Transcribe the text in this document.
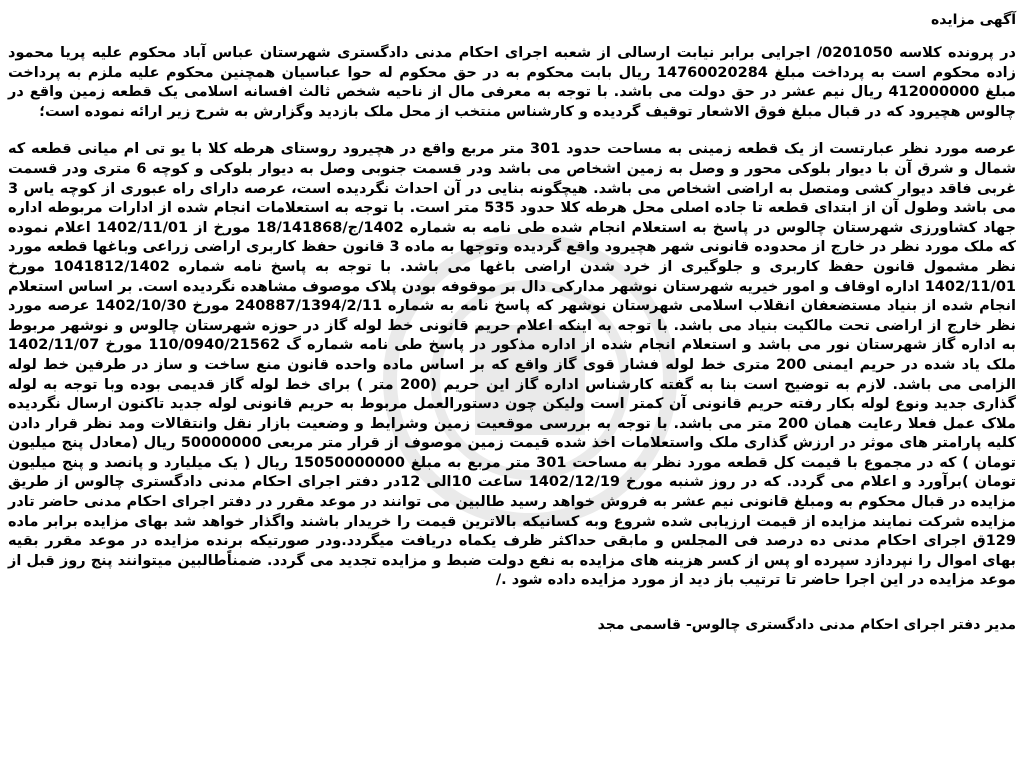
آگهی مزایده

در پرونده کلاسه 0201050/ اجرایی برابر نیابت ارسالی از شعبه اجرای احکام مدنی دادگستری شهرستان عباس آباد محکوم علیه پریا محمود زاده محکوم است به پرداخت مبلغ 14760020284 ریال بابت محکوم به در حق محکوم له حوا عباسیان همچنین محکوم علیه ملزم به پرداخت مبلغ 412000000 ریال نیم عشر در حق دولت می باشد. با توجه به معرفی مال از ناحیه شخص ثالث افسانه اسلامی یک قطعه زمین واقع در چالوس هچیرود که در قبال مبلغ فوق الاشعار توقیف گردیده و کارشناس منتخب از محل ملک بازدید وگزارش به شرح زیر ارائه نموده است؛

عرصه مورد نظر عبارتست از یک قطعه زمینی به مساحت حدود 301 متر مربع واقع در هچیرود روستای هرطه کلا با یو تی ام میانی قطعه که شمال و شرق آن با دیوار بلوکی محور و وصل به زمین اشخاص می باشد ودر قسمت جنوبی وصل به دیوار بلوکی و کوچه 6 متری ودر قسمت غربی فاقد دیوار کشی ومتصل به اراضی اشخاص می باشد. هیچگونه بنایی در آن احداث نگردیده است، عرصه دارای راه عبوری از کوچه یاس 3 می باشد وطول آن از ابتدای قطعه تا جاده اصلی محل هرطه کلا حدود 535 متر است. با توجه به استعلامات انجام شده از ادارات مربوطه اداره جهاد کشاورزی شهرستان چالوس در پاسخ به استعلام انجام شده طی نامه به شماره 1402/ج/18/141868 مورخ از 1402/11/01 اعلام نموده که ملک مورد نظر در خارج از محدوده قانونی شهر هچیرود واقع گردیده وتوجها به ماده 3 قانون حفظ کاربری اراضی زراعی وباغها قطعه مورد نظر مشمول قانون حفظ کاربری و جلوگیری از خرد شدن اراضی باغها می باشد. با توجه به پاسخ نامه شماره 1041812/1402 مورخ 1402/11/01 اداره اوقاف و امور خیریه شهرستان نوشهر مدارکی دال بر موقوفه بودن پلاک موصوف مشاهده نگردیده است. بر اساس استعلام انجام شده از بنیاد مستضعفان انقلاب اسلامی شهرستان نوشهر که پاسخ نامه به شماره 240887/1394/2/11 مورخ 1402/10/30 عرصه مورد نظر خارج از اراضی تحت مالکیت بنیاد می باشد. با توجه به اینکه اعلام حریم قانونی خط لوله گاز در حوزه شهرستان چالوس و نوشهر مربوط به اداره گاز شهرستان نور می باشد و استعلام انجام شده از اداره مذکور در پاسخ طی نامه شماره گ 110/0940/21562 مورخ 1402/11/07 ملک یاد شده در حریم ایمنی 200 متری خط لوله فشار قوی گاز واقع که بر اساس ماده واحده قانون منع ساخت و ساز در طرفین خط لوله الزامی می باشد. لازم به توضیح است بنا به گفته کارشناس اداره گاز این حریم (200 متر ) برای خط لوله گاز قدیمی بوده وبا توجه به لوله گذاری جدید ونوع لوله بکار رفته حریم قانونی آن کمتر است ولیکن چون دستورالعمل مربوط به حریم قانونی لوله جدید تاکنون ارسال نگردیده ملاک عمل فعلا رعایت همان 200 متر می باشد. با توجه به بررسی موقعیت زمین وشرایط و وضعیت بازار نقل وانتقالات ومد نظر قرار دادن کلیه پارامتر های موثر در ارزش گذاری ملک واستعلامات اخذ شده قیمت زمین موصوف از قرار متر مربعی 50000000 ریال (معادل پنج میلیون تومان ) که در مجموع با قیمت کل قطعه مورد نظر به مساحت 301 متر مربع به مبلغ 15050000000 ریال ( یک میلیارد و پانصد و پنج میلیون تومان )برآورد و اعلام می گردد. که در روز شنبه مورخ 1402/12/19 ساعت 10الی 12در دفتر اجرای احکام مدنی دادگستری چالوس از طریق مزایده در قبال محکوم به ومبلغ قانونی نیم عشر به فروش خواهد رسید طالبین می توانند در موعد مقرر در دفتر اجرای احکام مدنی حاضر تادر مزایده شرکت نمایند مزایده از قیمت ارزیابی شده شروع وبه کسانیکه بالاترین قیمت را خریدار باشند واگذار خواهد شد بهای مزایده برابر ماده 129ق اجرای احکام مدنی ده درصد فی المجلس و مابقی حداکثر ظرف یکماه دریافت میگردد.ودر صورتیکه برنده مزایده در موعد مقرر بقیه بهای اموال را نپردازد سپرده او پس از کسر هزینه های مزایده به نفع دولت ضبط و مزایده تجدید می گردد. ضمناًطالبین میتوانند پنج روز قبل از موعد مزایده در این اجرا حاضر تا ترتیب باز دید از مورد مزایده داده شود ./

مدیر دفتر اجرای احکام مدنی دادگستری چالوس- قاسمی مجد
